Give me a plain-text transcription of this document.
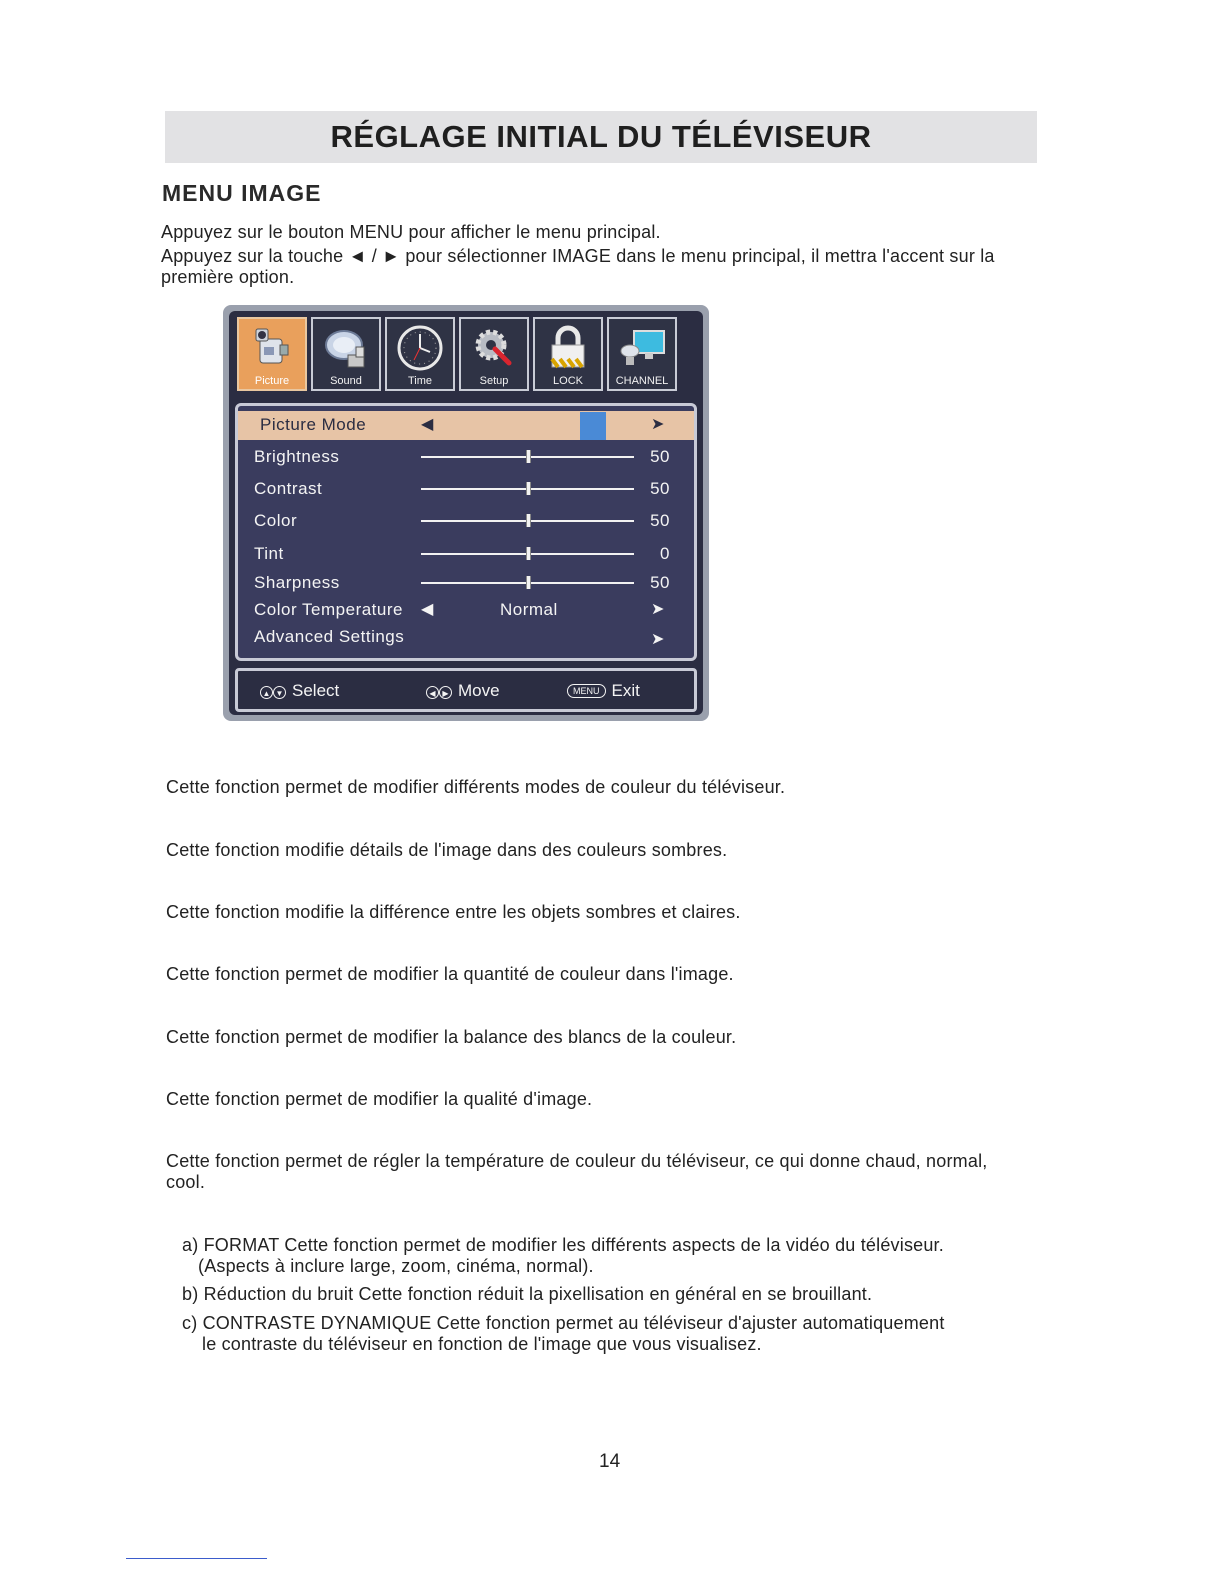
RÉGLAGE INITIAL DU TÉLÉVISEUR
MENU IMAGE

Appuyez sur le bouton MENU pour afficher le menu principal.

Appuyez sur la touche ◄ / ► pour sélectionner IMAGE dans le menu principal, il mettra l'accent sur la première option.

Picture	Sound	Time	Setup	LOCK	CHANNEL
Picture Mode	◀	➤
Brightness	50
Contrast	50
Color	50
Tint	0
Sharpness	50
Color Temperature ◀	Normal	➤
Advanced Settings	➤
▲ ▼ Select	◀ ▶ Move	MENU Exit

Cette fonction permet de modifier différents modes de couleur du téléviseur.

Cette fonction modifie détails de l'image dans des couleurs sombres.

Cette fonction modifie la différence entre les objets sombres et claires.

Cette fonction permet de modifier la quantité de couleur dans l'image.

Cette fonction permet de modifier la balance des blancs de la couleur.

Cette fonction permet de modifier la qualité d'image.

Cette fonction permet de régler la température de couleur du téléviseur, ce qui donne chaud, normal, cool.

a) FORMAT Cette fonction permet de modifier les différents aspects de la vidéo du téléviseur.
(Aspects à inclure large, zoom, cinéma, normal).

b) Réduction du bruit Cette fonction réduit la pixellisation en général en se brouillant.

c) CONTRASTE DYNAMIQUE Cette fonction permet au téléviseur d'ajuster automatiquement
le contraste du téléviseur en fonction de l'image que vous visualisez.

14
